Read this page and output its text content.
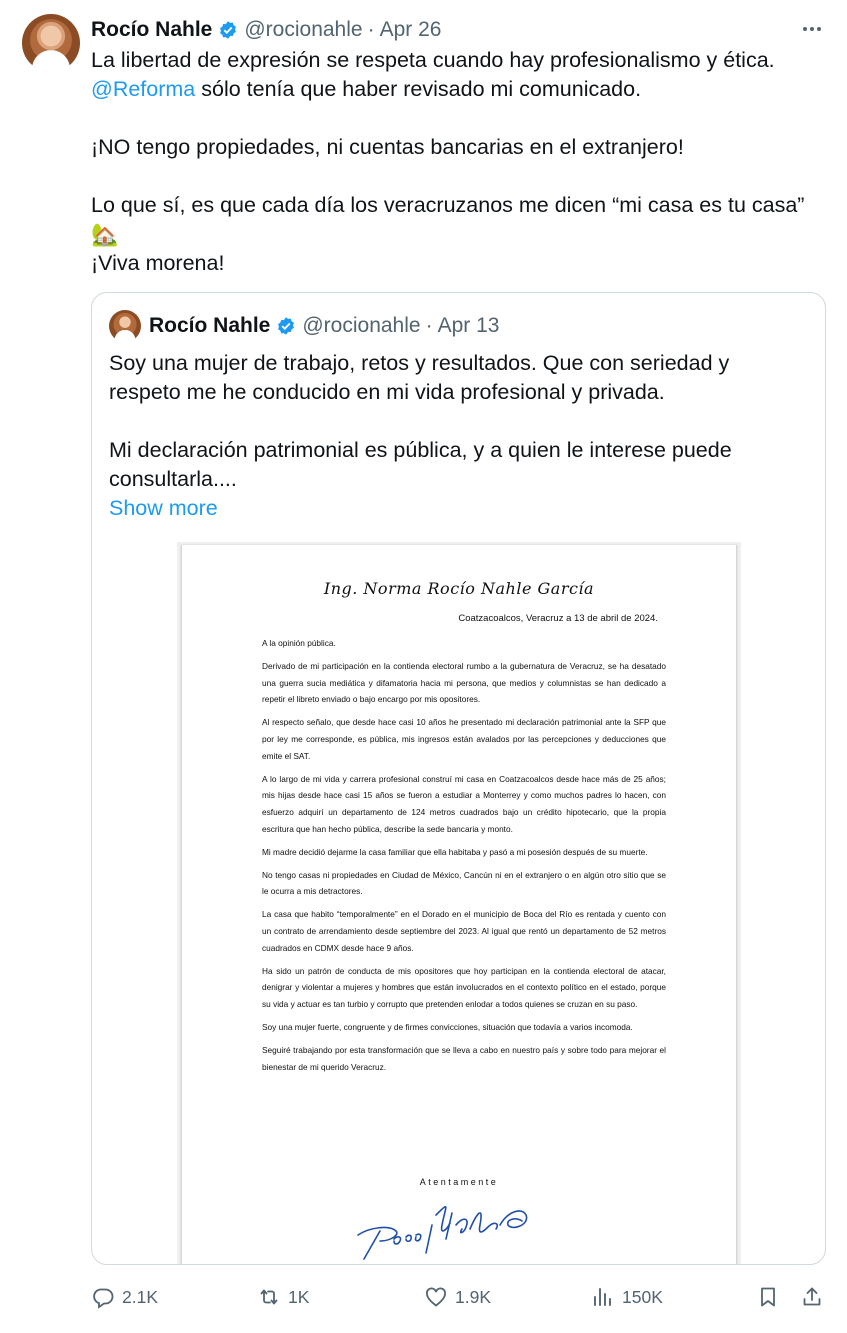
Rocío Nahle @rocionahle · Apr 26

La libertad de expresión se respeta cuando hay profesionalismo y ética.

@Reforma sólo tenía que haber revisado mi comunicado.

¡NO tengo propiedades, ni cuentas bancarias en el extranjero!

Lo que sí, es que cada día los veracruzanos me dicen “mi casa es tu casa”

🏡

¡Viva morena!

Rocío Nahle @rocionahle · Apr 13

Soy una mujer de trabajo, retos y resultados. Que con seriedad y

respeto me he conducido en mi vida profesional y privada.

Mi declaración patrimonial es pública, y a quien le interese puede

consultarla....

Show more
Ing. Norma Rocío Nahle García
Coatzacoalcos, Veracruz a 13 de abril de 2024.

A la opinión pública.

Derivado de mi participación en la contienda electoral rumbo a la gubernatura de Veracruz, se ha desatado una guerra sucia mediática y difamatoria hacia mi persona, que medios y columnistas se han dedicado a repetir el libreto enviado o bajo encargo por mis opositores.

Al respecto señalo, que desde hace casi 10 años he presentado mi declaración patrimonial ante la SFP que por ley me corresponde, es pública, mis ingresos están avalados por las percepciones y deducciones que emite el SAT.

A lo largo de mi vida y carrera profesional construí mi casa en Coatzacoalcos desde hace más de 25 años; mis hijas desde hace casi 15 años se fueron a estudiar a Monterrey y como muchos padres lo hacen, con esfuerzo adquirí un departamento de 124 metros cuadrados bajo un crédito hipotecario, que la propia escritura que han hecho pública, describe la sede bancaria y monto.

Mi madre decidió dejarme la casa familiar que ella habitaba y pasó a mi posesión después de su muerte.

No tengo casas ni propiedades en Ciudad de México, Cancún ni en el extranjero o en algún otro sitio que se le ocurra a mis detractores.

La casa que habito “temporalmente” en el Dorado en el municipio de Boca del Río es rentada y cuento con un contrato de arrendamiento desde septiembre del 2023. Al igual que rentó un departamento de 52 metros cuadrados en CDMX desde hace 9 años.

Ha sido un patrón de conducta de mis opositores que hoy participan en la contienda electoral de atacar, denigrar y violentar a mujeres y hombres que están involucrados en el contexto político en el estado, porque su vida y actuar es tan turbio y corrupto que pretenden enlodar a todos quienes se cruzan en su paso.

Soy una mujer fuerte, congruente y de firmes convicciones, situación que todavía a varios incomoda.

Seguiré trabajando por esta transformación que se lleva a cabo en nuestro país y sobre todo para mejorar el bienestar de mi querido Veracruz.

Atentamente
2.1K	1K	1.9K	150K
